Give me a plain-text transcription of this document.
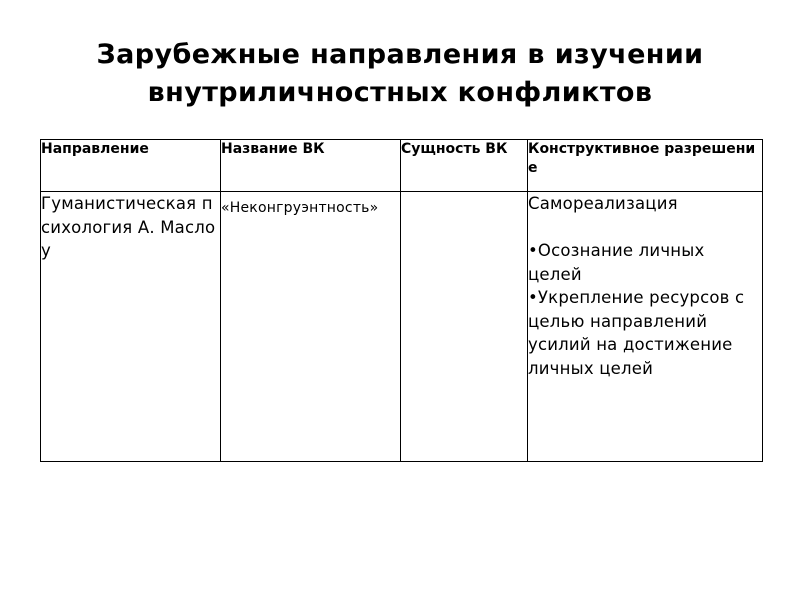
Зарубежные направления в изучении
внутриличностных конфликтов
Направление	Название ВК	Сущность ВК	Конструктивное разрешение
Гуманистическая психология А. Маслоу	«Неконгруэнтность»		Самореализация
•Осознание личных целей
•Укрепление ресурсов с целью направлений усилий на достижение личных целей
